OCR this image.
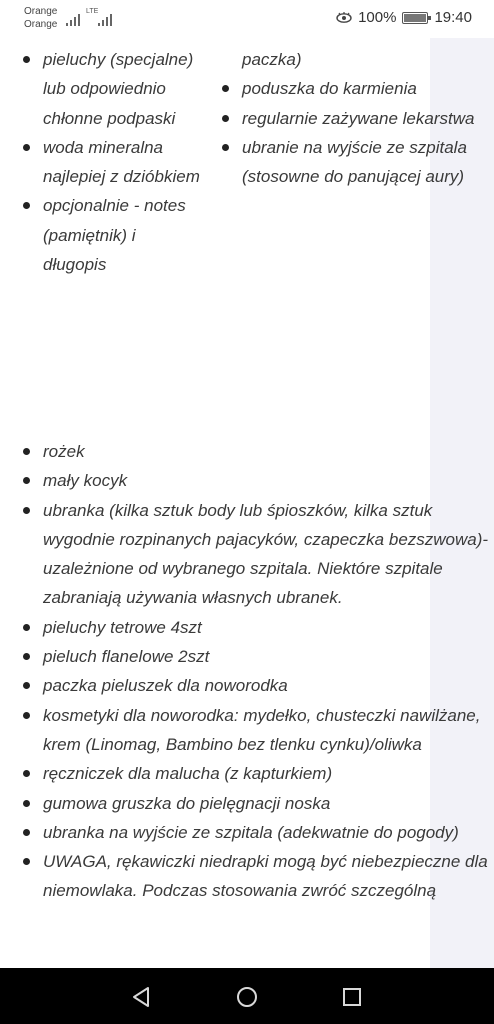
Orange
Orange
LTE	100%	19:40
pieluchy (specjalne) lub odpowiednio chłonne podpaski
woda mineralna najlepiej z dzióbkiem
opcjonalnie - notes (pamiętnik) i długopis
paczka)
poduszka do karmienia
regularnie zażywane lekarstwa
ubranie na wyjście ze szpitala (stosowne do panującej aury)
rożek
mały kocyk
ubranka (kilka sztuk body lub śpioszków, kilka sztuk wygodnie rozpinanych pajacyków, czapeczka bezszwowa)- uzależnione od wybranego szpitala. Niektóre szpitale zabraniają używania własnych ubranek.
pieluchy tetrowe 4szt
pieluch flanelowe 2szt
paczka pieluszek dla noworodka
kosmetyki dla noworodka: mydełko, chusteczki nawilżane, krem (Linomag, Bambino bez tlenku cynku)/oliwka
ręczniczek dla malucha (z kapturkiem)
gumowa gruszka do pielęgnacji noska
ubranka na wyjście ze szpitala (adekwatnie do pogody)
UWAGA, rękawiczki niedrapki mogą być niebezpieczne dla niemowlaka. Podczas stosowania zwróć szczególną
